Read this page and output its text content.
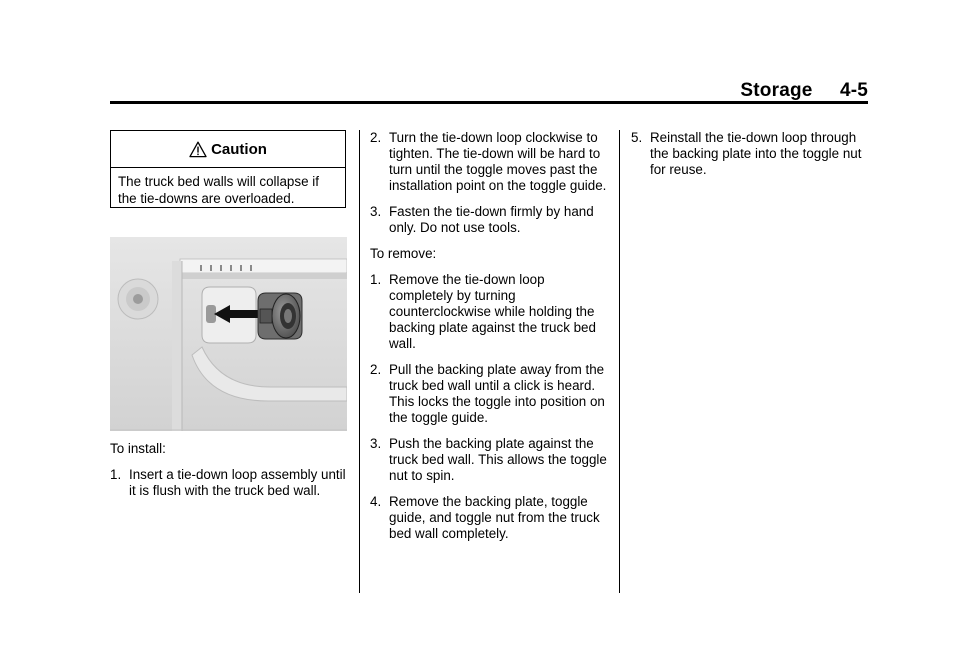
Storage 4-5
Caution
The truck bed walls will collapse if the tie-downs are overloaded.

To install:

1. Insert a tie-down loop assembly until it is flush with the truck bed wall.
2. Turn the tie-down loop clockwise to tighten. The tie-down will be hard to turn until the toggle moves past the installation point on the toggle guide.
3. Fasten the tie-down firmly by hand only. Do not use tools.

To remove:

1. Remove the tie-down loop completely by turning counterclockwise while holding the backing plate against the truck bed wall.
2. Pull the backing plate away from the truck bed wall until a click is heard. This locks the toggle into position on the toggle guide.
3. Push the backing plate against the truck bed wall. This allows the toggle nut to spin.
4. Remove the backing plate, toggle guide, and toggle nut from the truck bed wall completely.
5. Reinstall the tie-down loop through the backing plate into the toggle nut for reuse.
